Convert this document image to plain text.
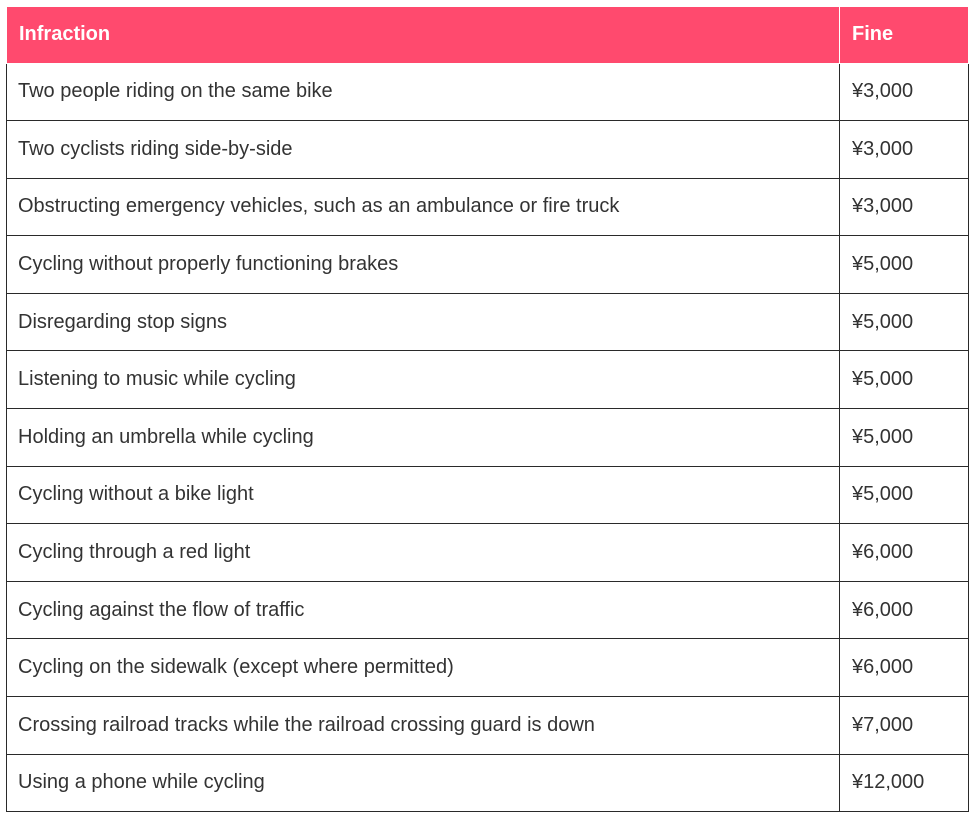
Infraction	Fine
Two people riding on the same bike	¥3,000
Two cyclists riding side-by-side	¥3,000
Obstructing emergency vehicles, such as an ambulance or fire truck	¥3,000
Cycling without properly functioning brakes	¥5,000
Disregarding stop signs	¥5,000
Listening to music while cycling	¥5,000
Holding an umbrella while cycling	¥5,000
Cycling without a bike light	¥5,000
Cycling through a red light	¥6,000
Cycling against the flow of traffic	¥6,000
Cycling on the sidewalk (except where permitted)	¥6,000
Crossing railroad tracks while the railroad crossing guard is down	¥7,000
Using a phone while cycling	¥12,000
